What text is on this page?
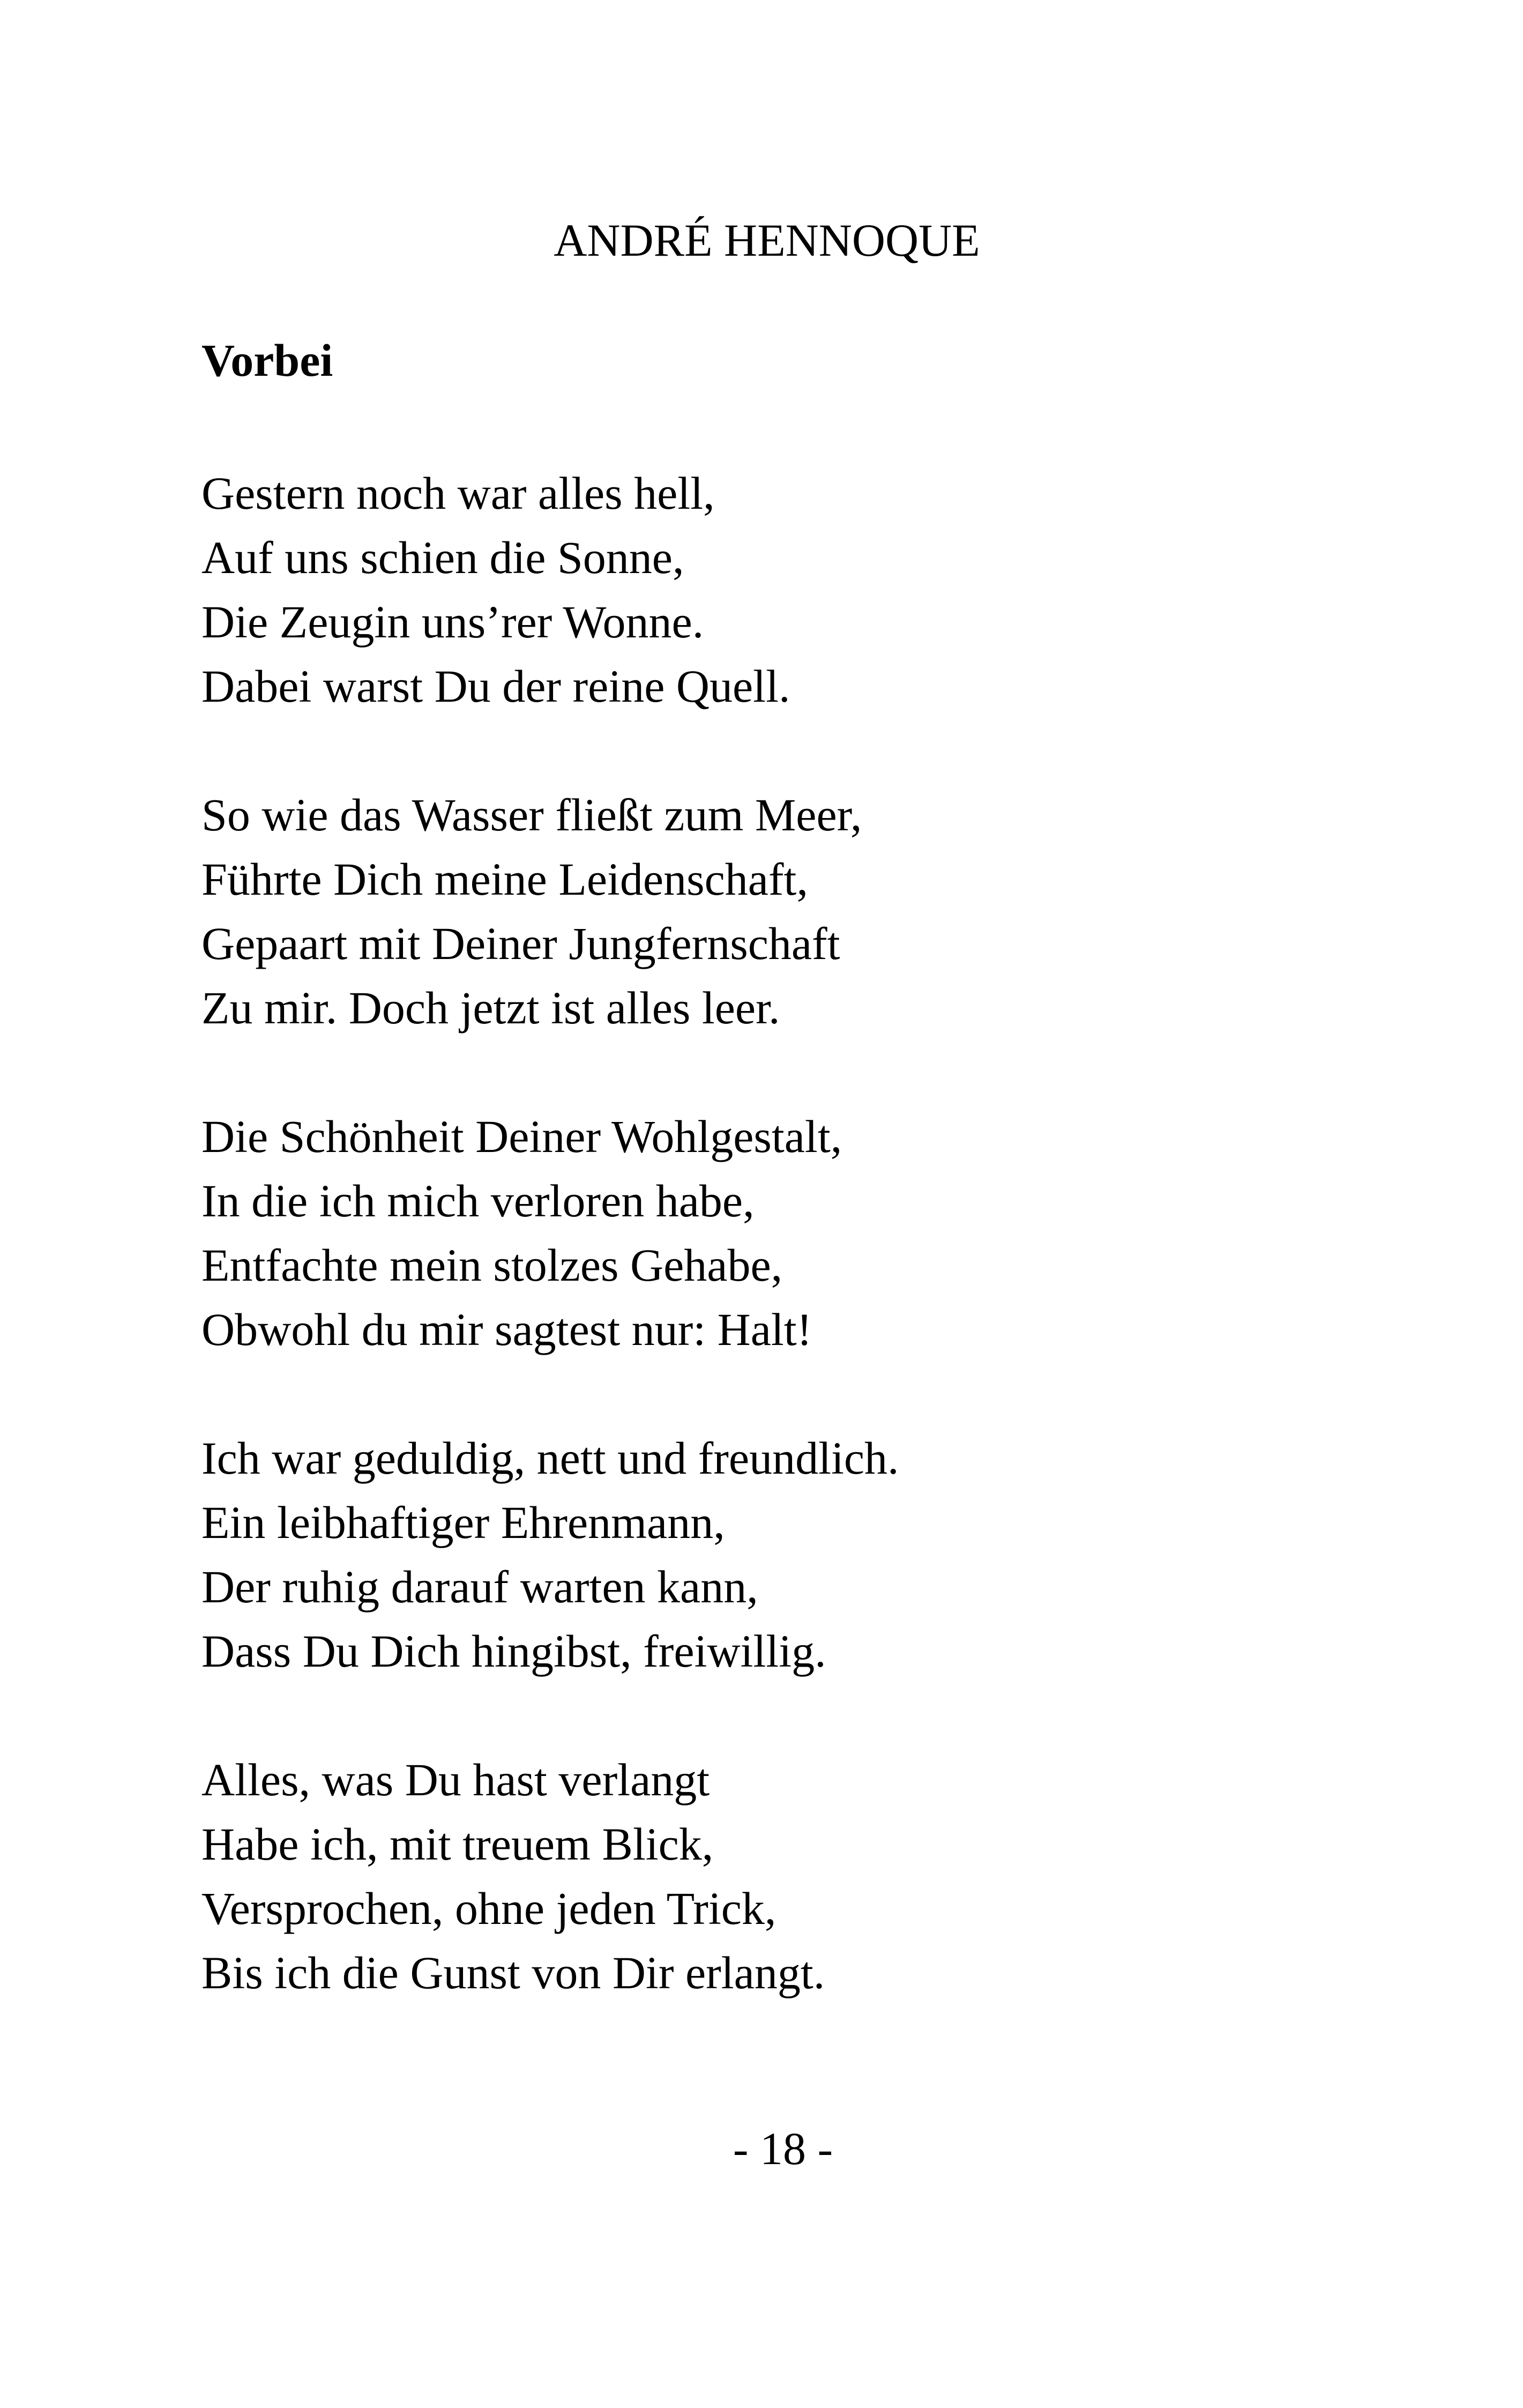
ANDRÉ HENNOQUE
Vorbei
Gestern noch war alles hell,
Auf uns schien die Sonne,
Die Zeugin uns’rer Wonne.
Dabei warst Du der reine Quell.
So wie das Wasser fließt zum Meer,
Führte Dich meine Leidenschaft,
Gepaart mit Deiner Jungfernschaft
Zu mir. Doch jetzt ist alles leer.
Die Schönheit Deiner Wohlgestalt,
In die ich mich verloren habe,
Entfachte mein stolzes Gehabe,
Obwohl du mir sagtest nur: Halt!
Ich war geduldig, nett und freundlich.
Ein leibhaftiger Ehrenmann,
Der ruhig darauf warten kann,
Dass Du Dich hingibst, freiwillig.
Alles, was Du hast verlangt
Habe ich, mit treuem Blick,
Versprochen, ohne jeden Trick,
Bis ich die Gunst von Dir erlangt.
- 18 -
